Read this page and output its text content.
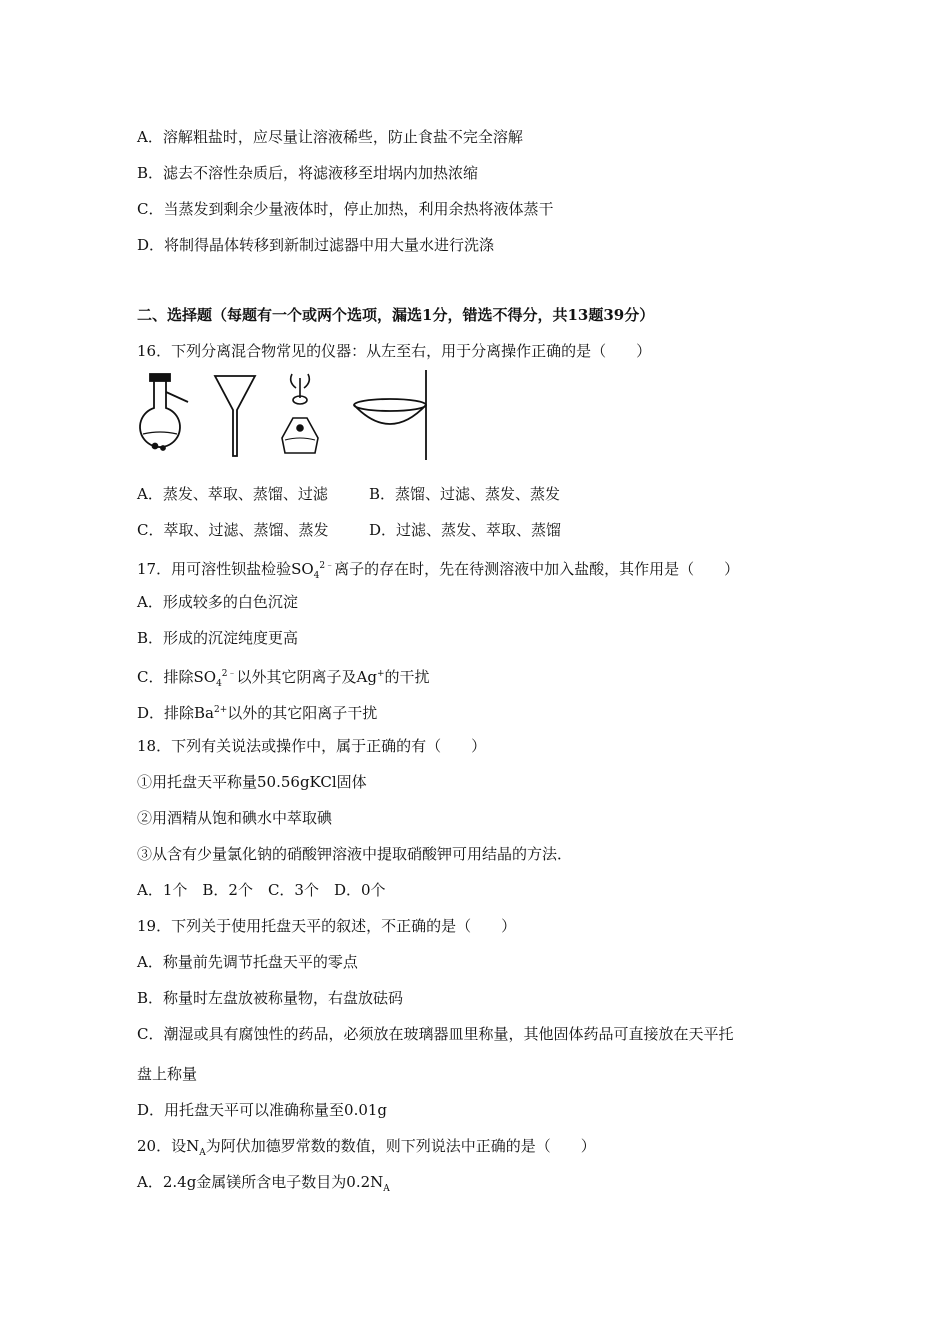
A．溶解粗盐时，应尽量让溶液稀些，防止食盐不完全溶解
B．滤去不溶性杂质后，将滤液移至坩埚内加热浓缩
C．当蒸发到剩余少量液体时，停止加热，利用余热将液体蒸干
D．将制得晶体转移到新制过滤器中用大量水进行洗涤
二、选择题（每题有一个或两个选项，漏选1分，错选不得分，共13题39分）
16．下列分离混合物常见的仪器：从左至右，用于分离操作正确的是（　　）
A．蒸发、萃取、蒸馏、过滤	B．蒸馏、过滤、蒸发、蒸发
C．萃取、过滤、蒸馏、蒸发	D．过滤、蒸发、萃取、蒸馏
17．用可溶性钡盐检验$SO_4^{2﹣}$离子的存在时，先在待测溶液中加入盐酸，其作用是（　　）
A．形成较多的白色沉淀
B．形成的沉淀纯度更高
C．排除$SO_4^{2﹣}$以外其它阴离子及Ag+的干扰
D．排除$Ba^{2+}$以外的其它阳离子干扰
18．下列有关说法或操作中，属于正确的有（　　）
①用托盘天平称量50.56gKCl固体
②用酒精从饱和碘水中萃取碘
③从含有少量氯化钠的硝酸钾溶液中提取硝酸钾可用结晶的方法．
A．1个　B．2个　C．3个　D．0个
19．下列关于使用托盘天平的叙述，不正确的是（　　）
A．称量前先调节托盘天平的零点
B．称量时左盘放被称量物，右盘放砝码
C．潮湿或具有腐蚀性的药品，必须放在玻璃器皿里称量，其他固体药品可直接放在天平托
盘上称量
D．用托盘天平可以准确称量至0.01g
20．设$N_A$为阿伏加德罗常数的数值，则下列说法中正确的是（　　）
A．2.4g金属镁所含电子数目为$0.2N_A$
